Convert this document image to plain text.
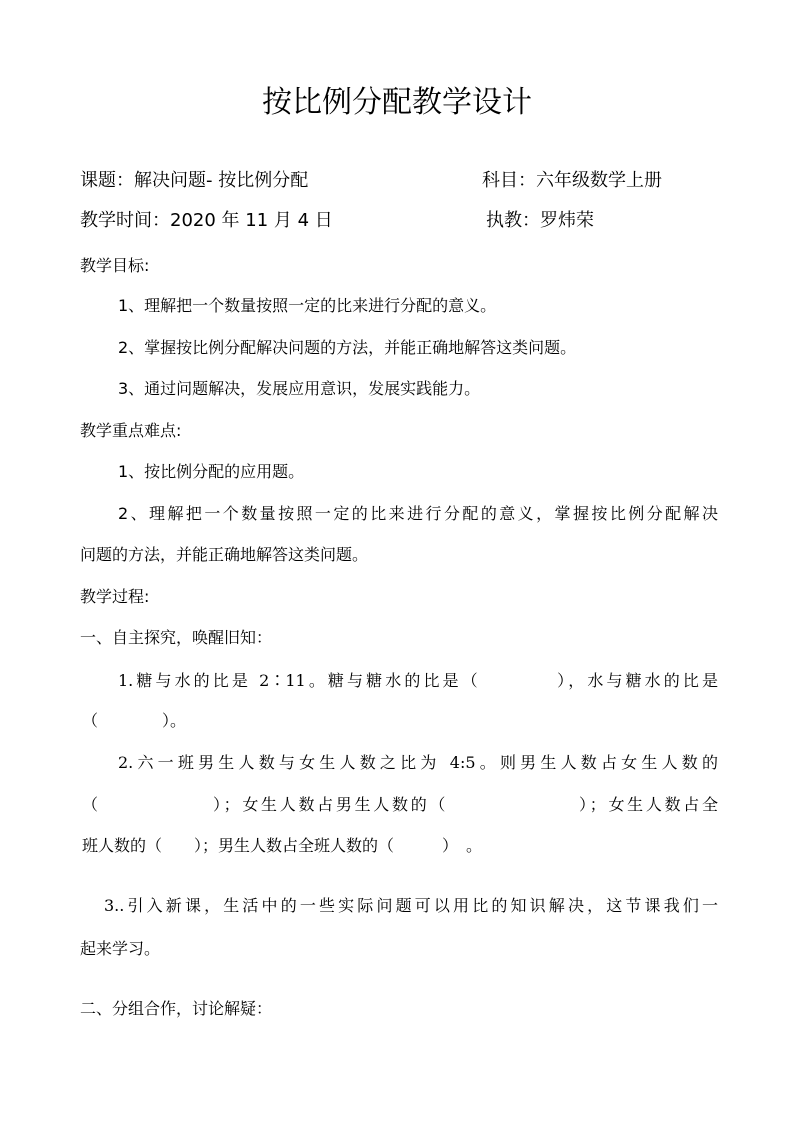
按比例分配教学设计
课题：解决问题- 按比例分配	科目：六年级数学上册
教学时间：2020 年 11 月 4 日	执教：罗炜荣
教学目标:
1、理解把一个数量按照一定的比来进行分配的意义。
2、掌握按比例分配解决问题的方法，并能正确地解答这类问题。
3、通过问题解决，发展应用意识，发展实践能力。
教学重点难点:
1、按比例分配的应用题。
2、理解把一个数量按照一定的比来进行分配的意义，掌握按比例分配解决
问题的方法，并能正确地解答这类问题。
教学过程:
一、自主探究，唤醒旧知：
1.糖与水的比是 2∶11。糖与糖水的比是（　　　　），水与糖水的比是
（　　　　）。
2.六一班男生人数与女生人数之比为 4:5。则男生人数占女生人数的
（　　　　　　）；女生人数占男生人数的（　　　　　　　）；女生人数占全
班人数的（　　）；男生人数占全班人数的（　　　）　。
3..引入新课，生活中的一些实际问题可以用比的知识解决，这节课我们一
起来学习。
二、分组合作，讨论解疑：
